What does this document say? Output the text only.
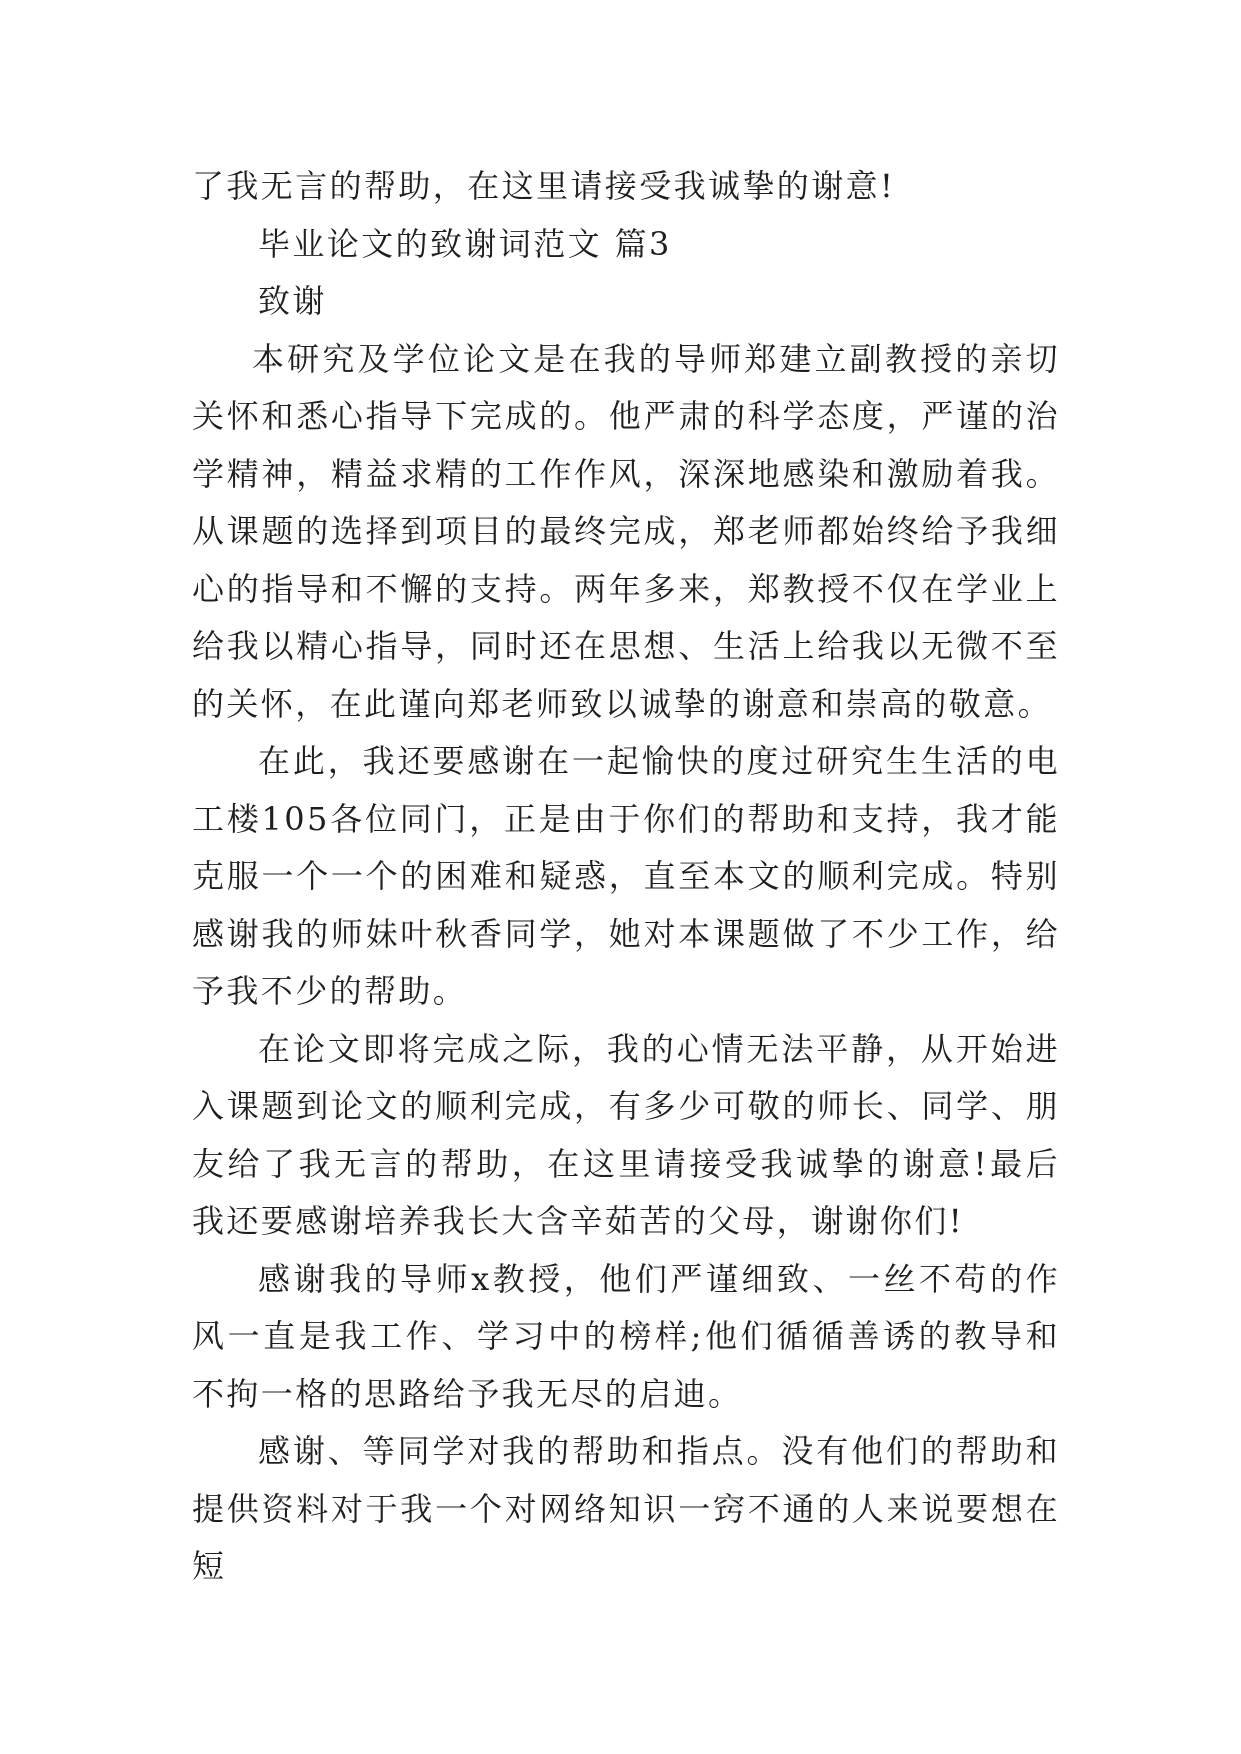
了我无言的帮助，在这里请接受我诚挚的谢意!

毕业论文的致谢词范文 篇3

致谢

本研究及学位论文是在我的导师郑建立副教授的亲切关怀和悉心指导下完成的。他严肃的科学态度，严谨的治学精神，精益求精的工作作风，深深地感染和激励着我。从课题的选择到项目的最终完成，郑老师都始终给予我细心的指导和不懈的支持。两年多来，郑教授不仅在学业上给我以精心指导，同时还在思想、生活上给我以无微不至的关怀，在此谨向郑老师致以诚挚的谢意和崇高的敬意。

在此，我还要感谢在一起愉快的度过研究生生活的电工楼105各位同门，正是由于你们的帮助和支持，我才能克服一个一个的困难和疑惑，直至本文的顺利完成。特别感谢我的师妹叶秋香同学，她对本课题做了不少工作，给予我不少的帮助。

在论文即将完成之际，我的心情无法平静，从开始进入课题到论文的顺利完成，有多少可敬的师长、同学、朋友给了我无言的帮助，在这里请接受我诚挚的谢意!最后我还要感谢培养我长大含辛茹苦的父母，谢谢你们!

感谢我的导师x教授，他们严谨细致、一丝不苟的作风一直是我工作、学习中的榜样;他们循循善诱的教导和不拘一格的思路给予我无尽的启迪。

感谢、等同学对我的帮助和指点。没有他们的帮助和提供资料对于我一个对网络知识一窍不通的人来说要想在短
